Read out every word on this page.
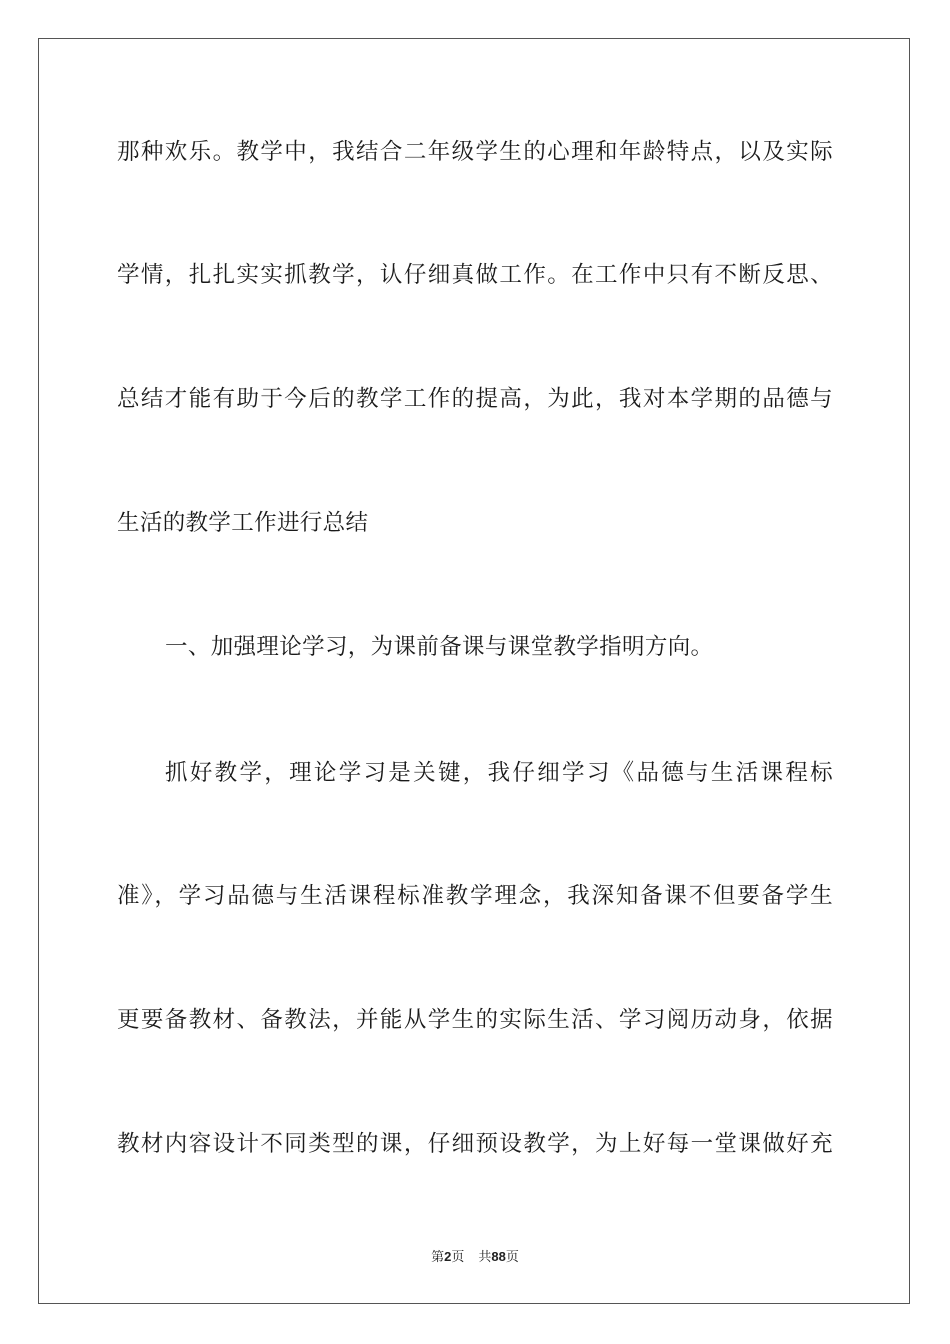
那种欢乐。教学中，我结合二年级学生的心理和年龄特点，以及实际
学情，扎扎实实抓教学，认仔细真做工作。在工作中只有不断反思、
总结才能有助于今后的教学工作的提高，为此，我对本学期的品德与
生活的教学工作进行总结
一、加强理论学习，为课前备课与课堂教学指明方向。
抓好教学，理论学习是关键，我仔细学习《品德与生活课程标
准》，学习品德与生活课程标准教学理念，我深知备课不但要备学生
更要备教材、备教法，并能从学生的实际生活、学习阅历动身，依据
教材内容设计不同类型的课，仔细预设教学，为上好每一堂课做好充
第2页 共88页
